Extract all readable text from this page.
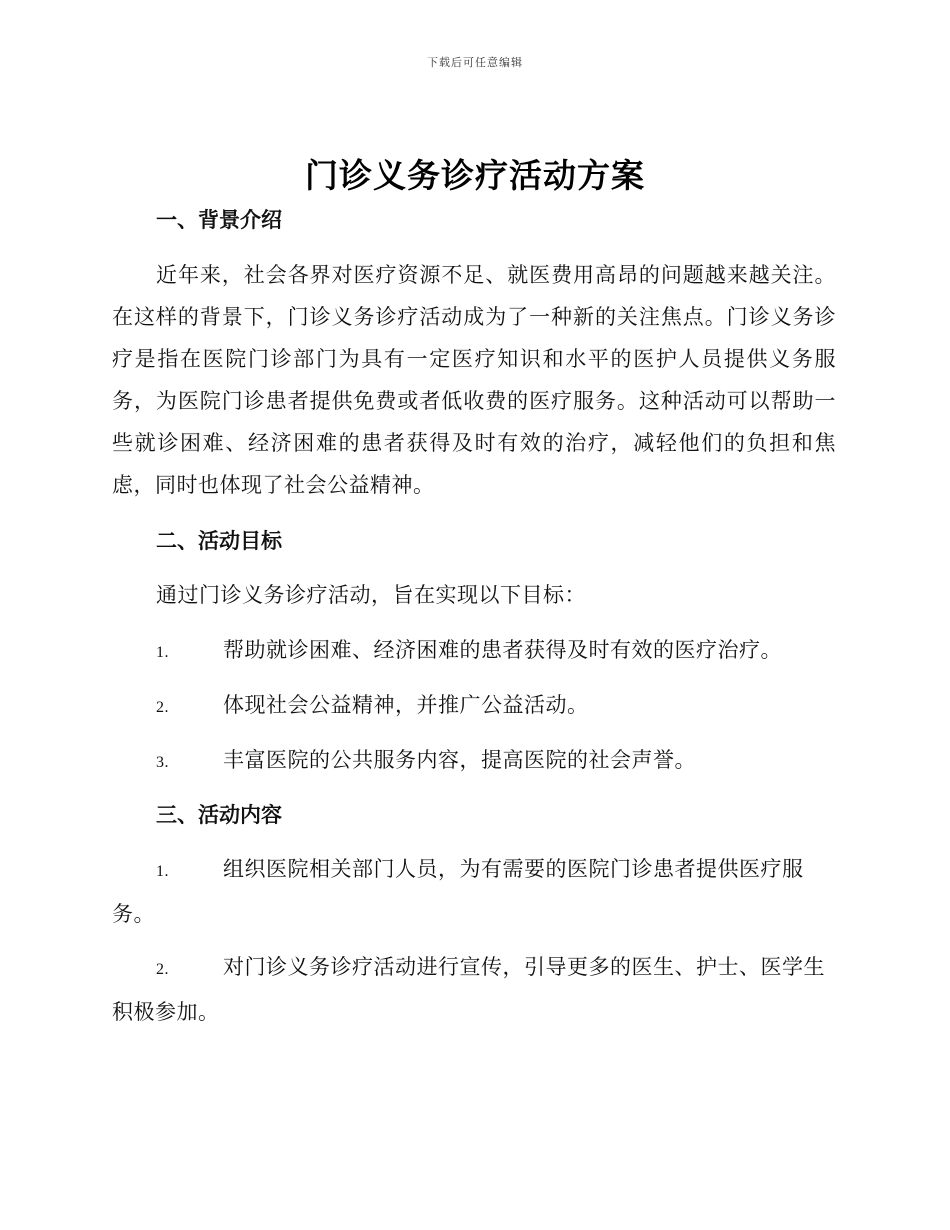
下载后可任意编辑
门诊义务诊疗活动方案
一、背景介绍

近年来，社会各界对医疗资源不足、就医费用高昂的问题越来越关注。在这样的背景下，门诊义务诊疗活动成为了一种新的关注焦点。门诊义务诊疗是指在医院门诊部门为具有一定医疗知识和水平的医护人员提供义务服务，为医院门诊患者提供免费或者低收费的医疗服务。这种活动可以帮助一些就诊困难、经济困难的患者获得及时有效的治疗，减轻他们的负担和焦虑，同时也体现了社会公益精神。

二、活动目标

通过门诊义务诊疗活动，旨在实现以下目标：

1.	帮助就诊困难、经济困难的患者获得及时有效的医疗治疗。

2.	体现社会公益精神，并推广公益活动。

3.	丰富医院的公共服务内容，提高医院的社会声誉。

三、活动内容

1.	组织医院相关部门人员，为有需要的医院门诊患者提供医疗服务。

2.	对门诊义务诊疗活动进行宣传，引导更多的医生、护士、医学生积极参加。
